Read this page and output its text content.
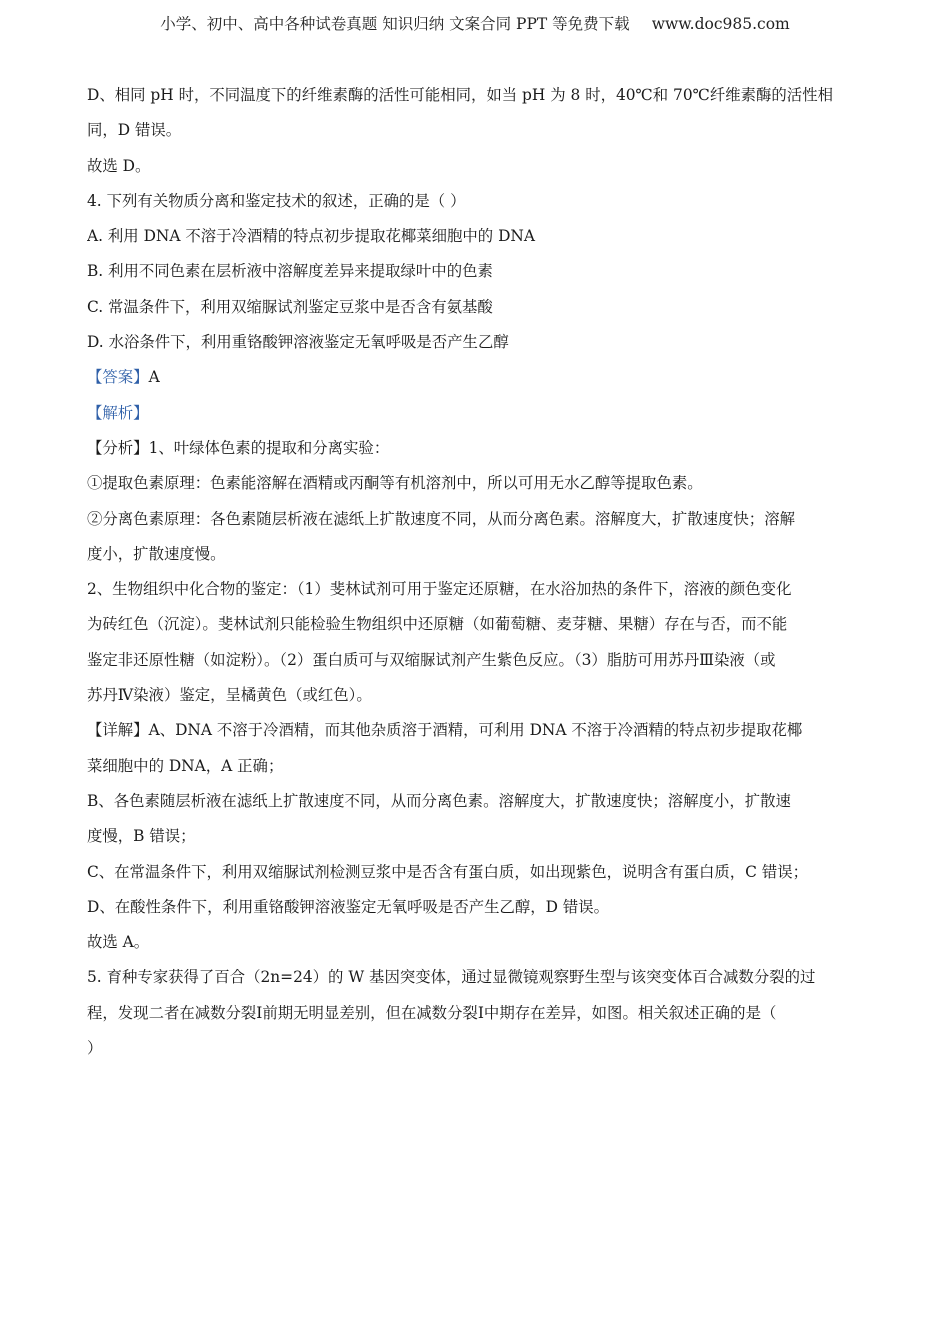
小学、初中、高中各种试卷真题 知识归纳 文案合同 PPT 等免费下载 www.doc985.com
D、相同 pH 时，不同温度下的纤维素酶的活性可能相同，如当 pH 为 8 时，40℃和 70℃纤维素酶的活性相
同，D 错误。
故选 D。
4. 下列有关物质分离和鉴定技术的叙述，正确的是（ ）
A. 利用 DNA 不溶于冷酒精的特点初步提取花椰菜细胞中的 DNA
B. 利用不同色素在层析液中溶解度差异来提取绿叶中的色素
C. 常温条件下，利用双缩脲试剂鉴定豆浆中是否含有氨基酸
D. 水浴条件下，利用重铬酸钾溶液鉴定无氧呼吸是否产生乙醇
【答案】A
【解析】
【分析】1、叶绿体色素的提取和分离实验：
①提取色素原理：色素能溶解在酒精或丙酮等有机溶剂中，所以可用无水乙醇等提取色素。
②分离色素原理：各色素随层析液在滤纸上扩散速度不同，从而分离色素。溶解度大，扩散速度快；溶解
度小，扩散速度慢。
2、生物组织中化合物的鉴定：（1）斐林试剂可用于鉴定还原糖，在水浴加热的条件下，溶液的颜色变化
为砖红色（沉淀）。斐林试剂只能检验生物组织中还原糖（如葡萄糖、麦芽糖、果糖）存在与否，而不能
鉴定非还原性糖（如淀粉）。（2）蛋白质可与双缩脲试剂产生紫色反应。（3）脂肪可用苏丹Ⅲ染液（或
苏丹Ⅳ染液）鉴定，呈橘黄色（或红色）。
【详解】A、DNA 不溶于冷酒精，而其他杂质溶于酒精，可利用 DNA 不溶于冷酒精的特点初步提取花椰
菜细胞中的 DNA，A 正确；
B、各色素随层析液在滤纸上扩散速度不同，从而分离色素。溶解度大，扩散速度快；溶解度小，扩散速
度慢，B 错误；
C、在常温条件下，利用双缩脲试剂检测豆浆中是否含有蛋白质，如出现紫色，说明含有蛋白质，C 错误；
D、在酸性条件下，利用重铬酸钾溶液鉴定无氧呼吸是否产生乙醇，D 错误。
故选 A。
5. 育种专家获得了百合（2n=24）的 W 基因突变体，通过显微镜观察野生型与该突变体百合减数分裂的过
程，发现二者在减数分裂Ⅰ前期无明显差别，但在减数分裂Ⅰ中期存在差异，如图。相关叙述正确的是（
）
